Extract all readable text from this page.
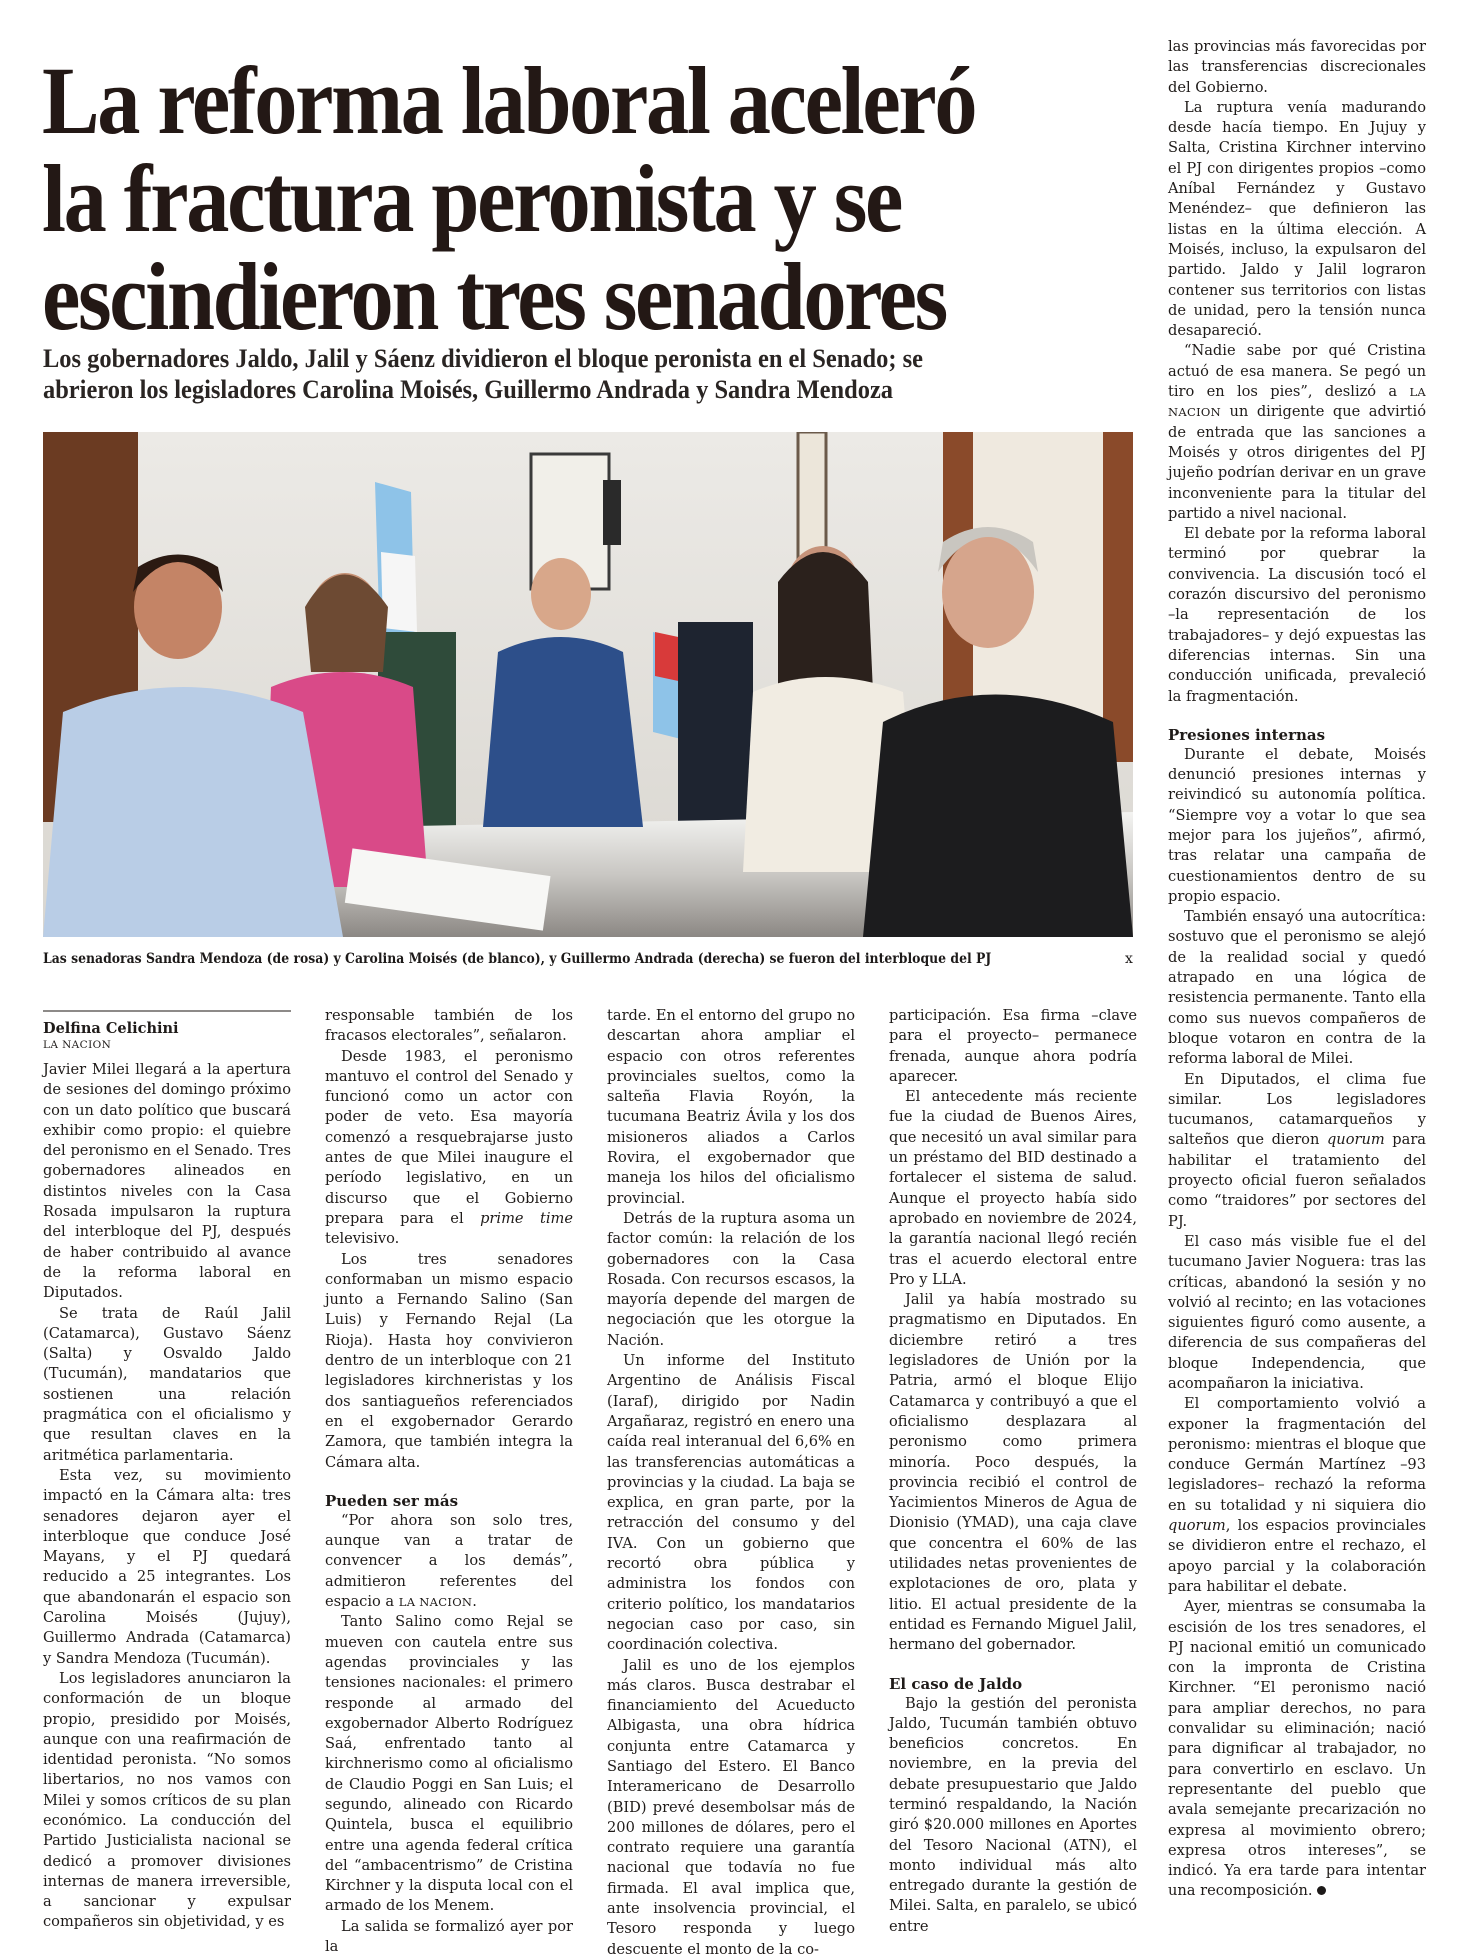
La reforma laboral aceleró
la fractura peronista y se
escindieron tres senadores
Los gobernadores Jaldo, Jalil y Sáenz dividieron el bloque peronista en el Senado; se
abrieron los legisladores Carolina Moisés, Guillermo Andrada y Sandra Mendoza
Las senadoras Sandra Mendoza (de rosa) y Carolina Moisés (de blanco), y Guillermo Andrada (derecha) se fueron del interbloque del PJ	x
Delfina Celichini
LA NACION

Javier Milei llegará a la apertura de sesiones del domingo próximo con un dato político que buscará exhibir como propio: el quiebre del peronismo en el Senado. Tres gobernadores alineados en distintos niveles con la Casa Rosada impulsaron la ruptura del interbloque del PJ, después de haber contribuido al avance de la reforma laboral en Diputados.

Se trata de Raúl Jalil (Catamarca), Gustavo Sáenz (Salta) y Osvaldo Jaldo (Tucumán), mandatarios que sostienen una relación pragmática con el oficialismo y que resultan claves en la aritmética parlamentaria.

Esta vez, su movimiento impactó en la Cámara alta: tres senadores dejaron ayer el interbloque que conduce José Mayans, y el PJ quedará reducido a 25 integrantes. Los que abandonarán el espacio son Carolina Moisés (Jujuy), Guillermo Andrada (Catamarca) y Sandra Mendoza (Tucumán).

Los legisladores anunciaron la conformación de un bloque propio, presidido por Moisés, aunque con una reafirmación de identidad peronista. “No somos libertarios, no nos vamos con Milei y somos críticos de su plan económico. La conducción del Partido Justicialista nacional se dedicó a promover divisiones internas de manera irreversible, a sancionar y expulsar compañeros sin objetividad, y es

responsable también de los fracasos electorales”, señalaron.

Desde 1983, el peronismo mantuvo el control del Senado y funcionó como un actor con poder de veto. Esa mayoría comenzó a resquebrajarse justo antes de que Milei inaugure el período legislativo, en un discurso que el Gobierno prepara para el prime time televisivo.

Los tres senadores conformaban un mismo espacio junto a Fernando Salino (San Luis) y Fernando Rejal (La Rioja). Hasta hoy convivieron dentro de un interbloque con 21 legisladores kirchneristas y los dos santiagueños referenciados en el exgobernador Gerardo Zamora, que también integra la Cámara alta.

Pueden ser más

“Por ahora son solo tres, aunque van a tratar de convencer a los demás”, admitieron referentes del espacio a LA NACION.

Tanto Salino como Rejal se mueven con cautela entre sus agendas provinciales y las tensiones nacionales: el primero responde al armado del exgobernador Alberto Rodríguez Saá, enfrentado tanto al kirchnerismo como al oficialismo de Claudio Poggi en San Luis; el segundo, alineado con Ricardo Quintela, busca el equilibrio entre una agenda federal crítica del “ambacentrismo” de Cristina Kirchner y la disputa local con el armado de los Menem.

La salida se formalizó ayer por la

tarde. En el entorno del grupo no descartan ahora ampliar el espacio con otros referentes provinciales sueltos, como la salteña Flavia Royón, la tucumana Beatriz Ávila y los dos misioneros aliados a Carlos Rovira, el exgobernador que maneja los hilos del oficialismo provincial.

Detrás de la ruptura asoma un factor común: la relación de los gobernadores con la Casa Rosada. Con recursos escasos, la mayoría depende del margen de negociación que les otorgue la Nación.

Un informe del Instituto Argentino de Análisis Fiscal (Iaraf), dirigido por Nadin Argañaraz, registró en enero una caída real interanual del 6,6% en las transferencias automáticas a provincias y la ciudad. La baja se explica, en gran parte, por la retracción del consumo y del IVA. Con un gobierno que recortó obra pública y administra los fondos con criterio político, los mandatarios negocian caso por caso, sin coordinación colectiva.

Jalil es uno de los ejemplos más claros. Busca destrabar el financiamiento del Acueducto Albigasta, una obra hídrica conjunta entre Catamarca y Santiago del Estero. El Banco Interamericano de Desarrollo (BID) prevé desembolsar más de 200 millones de dólares, pero el contrato requiere una garantía nacional que todavía no fue firmada. El aval implica que, ante insolvencia provincial, el Tesoro responda y luego descuente el monto de la co-

participación. Esa firma –clave para el proyecto– permanece frenada, aunque ahora podría aparecer.

El antecedente más reciente fue la ciudad de Buenos Aires, que necesitó un aval similar para un préstamo del BID destinado a fortalecer el sistema de salud. Aunque el proyecto había sido aprobado en noviembre de 2024, la garantía nacional llegó recién tras el acuerdo electoral entre Pro y LLA.

Jalil ya había mostrado su pragmatismo en Diputados. En diciembre retiró a tres legisladores de Unión por la Patria, armó el bloque Elijo Catamarca y contribuyó a que el oficialismo desplazara al peronismo como primera minoría. Poco después, la provincia recibió el control de Yacimientos Mineros de Agua de Dionisio (YMAD), una caja clave que concentra el 60% de las utilidades netas provenientes de explotaciones de oro, plata y litio. El actual presidente de la entidad es Fernando Miguel Jalil, hermano del gobernador.

El caso de Jaldo

Bajo la gestión del peronista Jaldo, Tucumán también obtuvo beneficios concretos. En noviembre, en la previa del debate presupuestario que Jaldo terminó respaldando, la Nación giró $20.000 millones en Aportes del Tesoro Nacional (ATN), el monto individual más alto entregado durante la gestión de Milei. Salta, en paralelo, se ubicó entre

las provincias más favorecidas por las transferencias discrecionales del Gobierno.

La ruptura venía madurando desde hacía tiempo. En Jujuy y Salta, Cristina Kirchner intervino el PJ con dirigentes propios –como Aníbal Fernández y Gustavo Menéndez– que definieron las listas en la última elección. A Moisés, incluso, la expulsaron del partido. Jaldo y Jalil lograron contener sus territorios con listas de unidad, pero la tensión nunca desapareció.

“Nadie sabe por qué Cristina actuó de esa manera. Se pegó un tiro en los pies”, deslizó a LA NACION un dirigente que advirtió de entrada que las sanciones a Moisés y otros dirigentes del PJ jujeño podrían derivar en un grave inconveniente para la titular del partido a nivel nacional.

El debate por la reforma laboral terminó por quebrar la convivencia. La discusión tocó el corazón discursivo del peronismo –la representación de los trabajadores– y dejó expuestas las diferencias internas. Sin una conducción unificada, prevaleció la fragmentación.

Presiones internas

Durante el debate, Moisés denunció presiones internas y reivindicó su autonomía política. “Siempre voy a votar lo que sea mejor para los jujeños”, afirmó, tras relatar una campaña de cuestionamientos dentro de su propio espacio.

También ensayó una autocrítica: sostuvo que el peronismo se alejó de la realidad social y quedó atrapado en una lógica de resistencia permanente. Tanto ella como sus nuevos compañeros de bloque votaron en contra de la reforma laboral de Milei.

En Diputados, el clima fue similar. Los legisladores tucumanos, catamarqueños y salteños que dieron quorum para habilitar el tratamiento del proyecto oficial fueron señalados como “traidores” por sectores del PJ.

El caso más visible fue el del tucumano Javier Noguera: tras las críticas, abandonó la sesión y no volvió al recinto; en las votaciones siguientes figuró como ausente, a diferencia de sus compañeras del bloque Independencia, que acompañaron la iniciativa.

El comportamiento volvió a exponer la fragmentación del peronismo: mientras el bloque que conduce Germán Martínez –93 legisladores– rechazó la reforma en su totalidad y ni siquiera dio quorum, los espacios provinciales se dividieron entre el rechazo, el apoyo parcial y la colaboración para habilitar el debate.

Ayer, mientras se consumaba la escisión de los tres senadores, el PJ nacional emitió un comunicado con la impronta de Cristina Kirchner. “El peronismo nació para ampliar derechos, no para convalidar su eliminación; nació para dignificar al trabajador, no para convertirlo en esclavo. Un representante del pueblo que avala semejante precarización no expresa al movimiento obrero; expresa otros intereses”, se indicó. Ya era tarde para intentar una recomposición.
